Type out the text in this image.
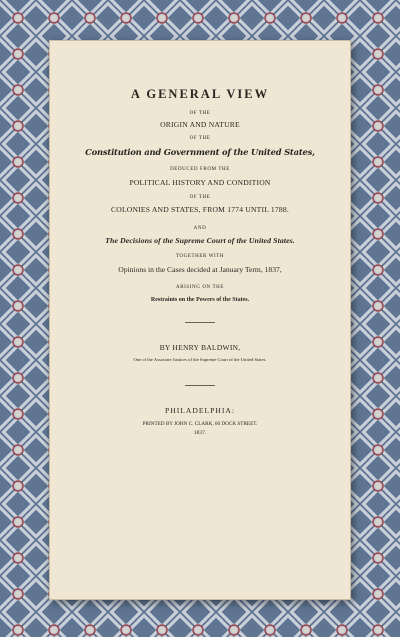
A GENERAL VIEW
OF THE
ORIGIN AND NATURE
OF THE
Constitution and Government of the United States,
DEDUCED FROM THE
POLITICAL HISTORY AND CONDITION
OF THE
COLONIES AND STATES, FROM 1774 UNTIL 1788.
AND
The Decisions of the Supreme Court of the United States.
TOGETHER WITH
Opinions in the Cases decided at January Term, 1837,
ARISING ON THE
Restraints on the Powers of the States.
BY HENRY BALDWIN,
One of the Associate Justices of the Supreme Court of the United States.
PHILADELPHIA:
PRINTED BY JOHN C. CLARK, 60 DOCK STREET.
1837.
